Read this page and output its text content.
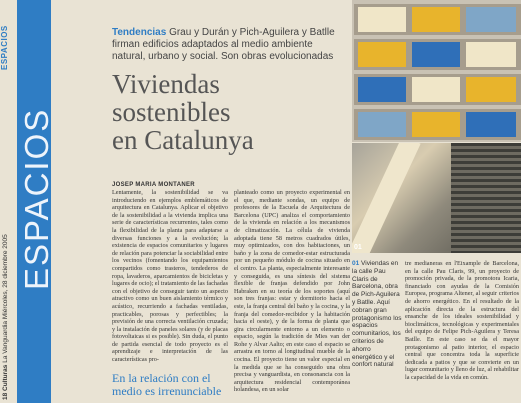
ESPACIOS
ESPACIOS
18 Culturas La Vanguardia Miércoles, 28 diciembre 2005
Tendencias Grau y Durán y Pich-Aguilera y Batlle firman edificios adaptados al medio ambiente natural, urbano y social. Son obras evolucionadas
Viviendas
sostenibles
en Catalunya
JOSEP MARIA MONTANER
Lentamente, la sostenibilidad se va introduciendo en ejemplos emblemáticos de arquitectura en Catalunya. Aplicar el objetivo de la sostenibilidad a la vivienda implica una serie de características recurrentes, tales como la flexibilidad de la planta para adaptarse a diversas funciones y a la evolución; la existencia de espacios comunitarios y lugares de relación para potenciar la sociabilidad entre los vecinos (fomentando los equipamientos compartidos como trasteros, tendederos de ropa, lavaderos, aparcamientos de bicicletas y lugares de ocio); el tratamiento de las fachadas con el objetivo de conseguir tanto un aspecto atractivo como un buen aislamiento térmico y acústico, recurriendo a fachadas ventiladas, practicables, porosas y perfectibles; la previsión de una correcta ventilación cruzada; y la instalación de paneles solares (y de placas fotovoltaicas si es posible). Sin duda, el punto de partida esencial de todo proyecto es el aprendizaje e interpretación de las características pro-
En la relación con el medio es irrenunciable
planteado como un proyecto experimental en el que, mediante sondas, un equipo de profesores de la Escuela de Arquitectura de Barcelona (UPC) analiza el comportamiento de la vivienda en relación a los mecanismos de climatización. La célula de vivienda adoptada tiene 58 metros cuadrados útiles, muy optimizados, con dos habitaciones, un baño y la zona de comedor-estar estructurada por un pequeño módulo de cocina situado en el centro. La planta, especialmente interesante y conseguida, es una síntesis del sistema flexible de franjas defendido por John Habraken en su teoría de los soportes (aquí son tres franjas: estar y dormitorio hacia el este, la franja central del baño y la cocina, y la franja del comedor-recibidor y la habitación hacia el oeste), y de la forma de planta que gira circularmente entorno a un elemento o espacio, según la tradición de Mies van der Rohe y Alvar Aalto; en este caso el espacio se arrastra en torno al longitudinal mueble de la cocina. El proyecto tiene un valor especial en la medida que se ha conseguido una obra precisa y vanguardista, en consonancia con la arquitectura residencial contemporánea holandesa, en un solar
01
01 Viviendas en la calle Pau Claris de Barcelona, obra de Pich-Aguilera y Batlle. Aquí cobran gran protagonismo los espacios comunitarios, los criterios de ahorro energético y el confort natural
tre medianeras en l'Eixample de Barcelona, en la calle Pau Claris, 99, un proyecto de promoción privada, de la promotora Icaria, financiado con ayudas de la Comisión Europea, programa Altener, al seguir criterios de ahorro energético. En el resultado de la aplicación directa de la estructura del ensanche de los ideales sostenibilidad y bioclimáticos, tecnológicas y experimentales del equipo de Felipe Pich-Aguilera y Teresa Batlle. En este caso se da el mayor protagonismo al patio interior, el espacio central que concentra toda la superficie dedicada a patios y que se convierte en un lugar comunitario y lleno de luz, al rehabilitar la capacidad de la vida en común.
